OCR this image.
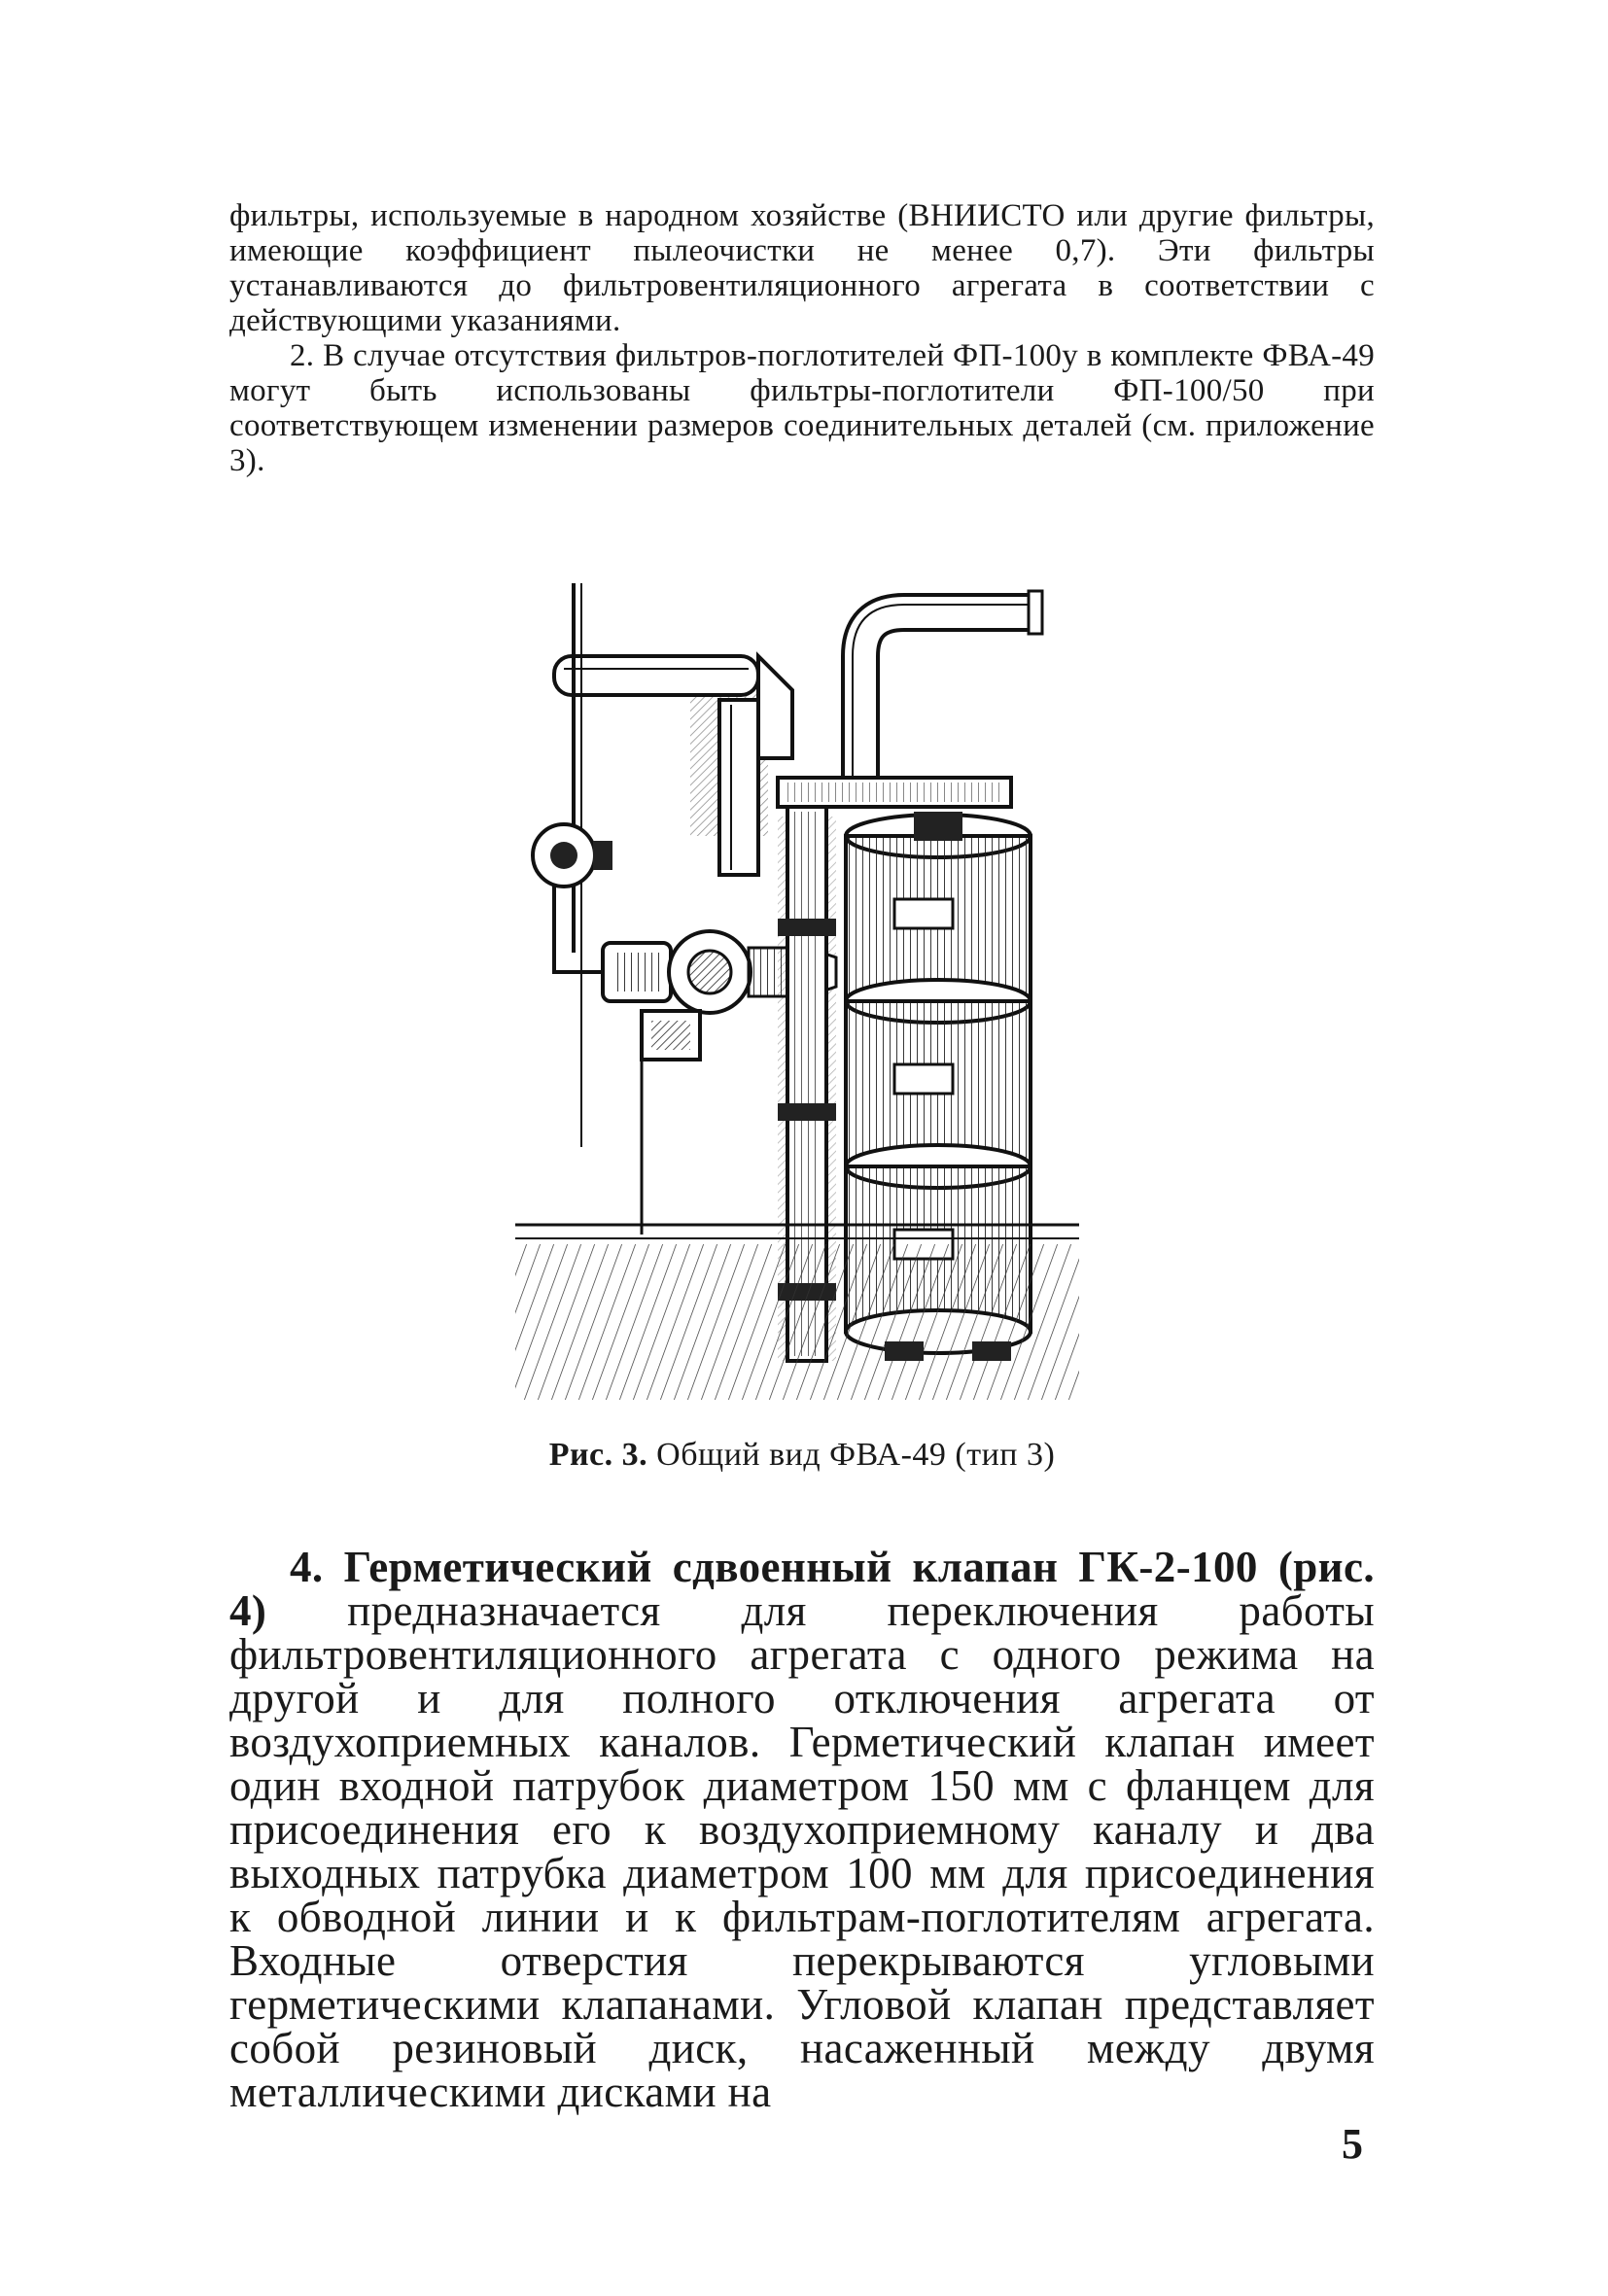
фильтры, используемые в народном хозяйстве (ВНИИСТО или другие фильтры, имеющие коэффициент пылеочистки не менее 0,7). Эти фильтры устанавливаются до фильтровентиляционного агрегата в соответствии с действующими указаниями.

2. В случае отсутствия фильтров-поглотителей ФП-100у в комплекте ФВА-49 могут быть использованы фильтры-поглотители ФП-100/50 при соответствующем изменении размеров соединительных деталей (см. приложение 3).

Рис. 3. Общий вид ФВА-49 (тип 3)

4. Герметический сдвоенный клапан ГК-2-100 (рис. 4) предназначается для переключения работы фильтровентиляционного агрегата с одного режима на другой и для полного отключения агрегата от воздухоприемных каналов. Герметический клапан имеет один входной патрубок диаметром 150 мм с фланцем для присоединения его к воздухоприемному каналу и два выходных патрубка диаметром 100 мм для присоединения к обводной линии и к фильтрам-поглотителям агрегата. Входные отверстия перекрываются угловыми герметическими клапанами. Угловой клапан представляет собой резиновый диск, насаженный между двумя металлическими дисками на

5
